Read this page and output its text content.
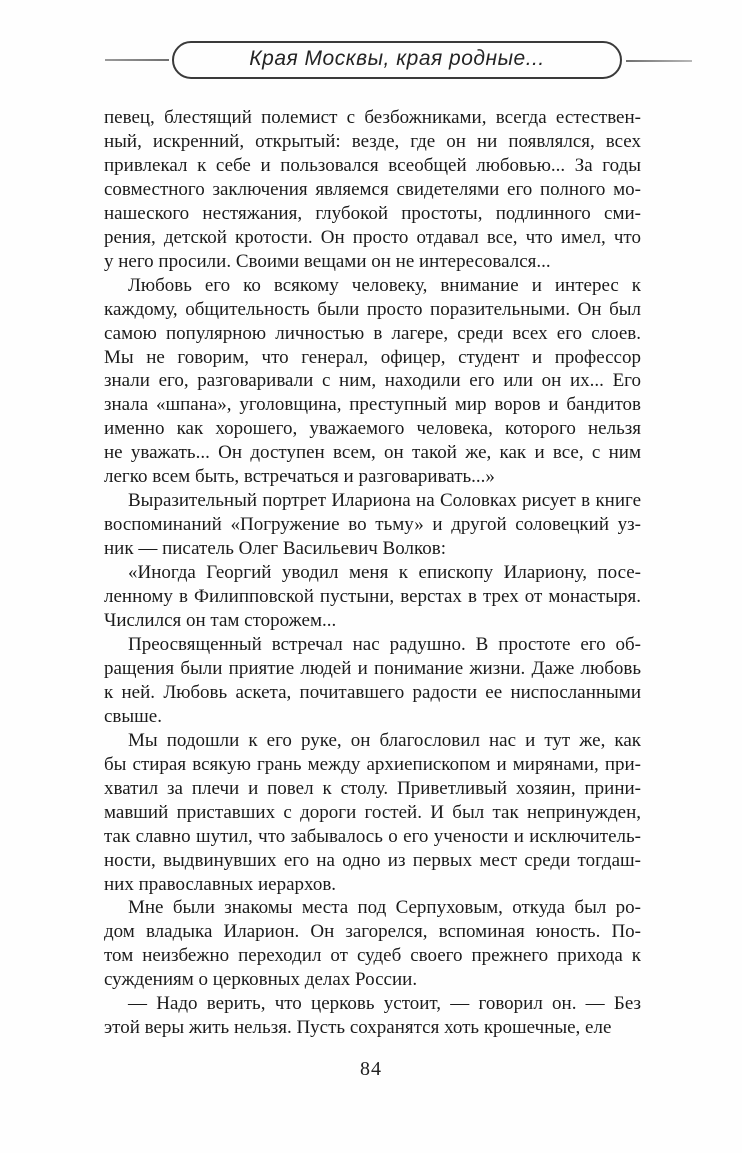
Края Москвы, края родные...

певец, блестящий полемист с безбожниками, всегда естествен-
ный, искренний, открытый: везде, где он ни появлялся, всех
привлекал к себе и пользовался всеобщей любовью... За годы
совместного заключения являемся свидетелями его полного мо-
нашеского нестяжания, глубокой простоты, подлинного сми-
рения, детской кротости. Он просто отдавал все, что имел, что
у него просили. Своими вещами он не интересовался...

Любовь его ко всякому человеку, внимание и интерес к
каждому, общительность были просто поразительными. Он был
самою популярною личностью в лагере, среди всех его слоев.
Мы не говорим, что генерал, офицер, студент и профессор
знали его, разговаривали с ним, находили его или он их... Его
знала «шпана», уголовщина, преступный мир воров и бандитов
именно как хорошего, уважаемого человека, которого нельзя
не уважать... Он доступен всем, он такой же, как и все, с ним
легко всем быть, встречаться и разговаривать...»

Выразительный портрет Илариона на Соловках рисует в книге
воспоминаний «Погружение во тьму» и другой соловецкий уз-
ник — писатель Олег Васильевич Волков:

«Иногда Георгий уводил меня к епископу Илариону, посе-
ленному в Филипповской пустыни, верстах в трех от монастыря.
Числился он там сторожем...

Преосвященный встречал нас радушно. В простоте его об-
ращения были приятие людей и понимание жизни. Даже любовь
к ней. Любовь аскета, почитавшего радости ее ниспосланными
свыше.

Мы подошли к его руке, он благословил нас и тут же, как
бы стирая всякую грань между архиепископом и мирянами, при-
хватил за плечи и повел к столу. Приветливый хозяин, прини-
мавший приставших с дороги гостей. И был так непринужден,
так славно шутил, что забывалось о его учености и исключитель-
ности, выдвинувших его на одно из первых мест среди тогдаш-
них православных иерархов.

Мне были знакомы места под Серпуховым, откуда был ро-
дом владыка Иларион. Он загорелся, вспоминая юность. По-
том неизбежно переходил от судеб своего прежнего прихода к
суждениям о церковных делах России.

— Надо верить, что церковь устоит, — говорил он. — Без
этой веры жить нельзя. Пусть сохранятся хоть крошечные, еле

84
